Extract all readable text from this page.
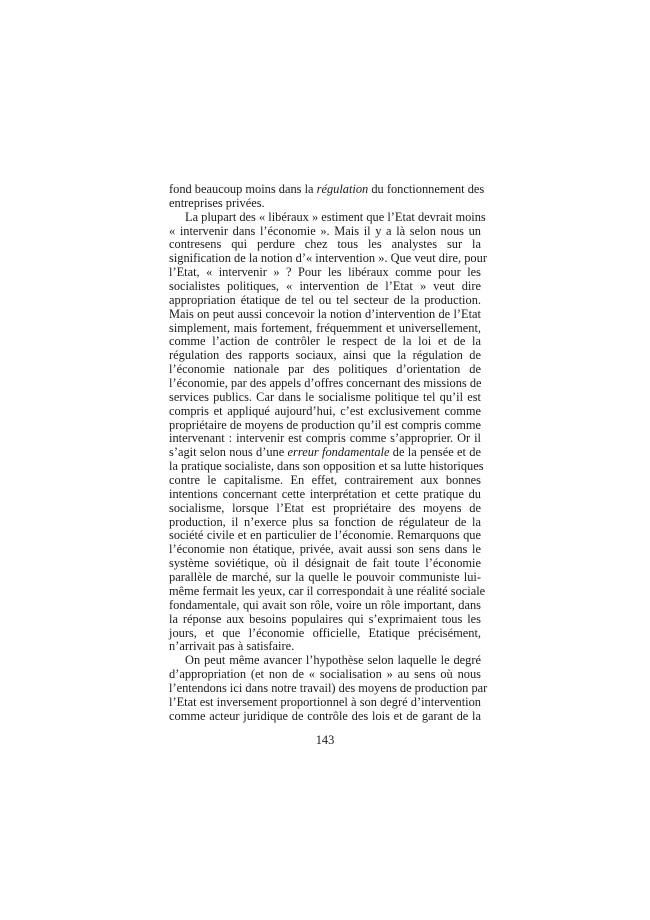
fond beaucoup moins dans la régulation du fonctionnement des
entreprises privées.
La plupart des « libéraux » estiment que l’Etat devrait moins
« intervenir dans l’économie ». Mais il y a là selon nous un
contresens qui perdure chez tous les analystes sur la
signification de la notion d’« intervention ». Que veut dire, pour
l’Etat, « intervenir » ? Pour les libéraux comme pour les
socialistes politiques, « intervention de l’Etat » veut dire
appropriation étatique de tel ou tel secteur de la production.
Mais on peut aussi concevoir la notion d’intervention de l’Etat
simplement, mais fortement, fréquemment et universellement,
comme l’action de contrôler le respect de la loi et de la
régulation des rapports sociaux, ainsi que la régulation de
l’économie nationale par des politiques d’orientation de
l’économie, par des appels d’offres concernant des missions de
services publics. Car dans le socialisme politique tel qu’il est
compris et appliqué aujourd’hui, c’est exclusivement comme
propriétaire de moyens de production qu’il est compris comme
intervenant : intervenir est compris comme s’approprier. Or il
s’agit selon nous d’une erreur fondamentale de la pensée et de
la pratique socialiste, dans son opposition et sa lutte historiques
contre le capitalisme. En effet, contrairement aux bonnes
intentions concernant cette interprétation et cette pratique du
socialisme, lorsque l’Etat est propriétaire des moyens de
production, il n’exerce plus sa fonction de régulateur de la
société civile et en particulier de l’économie. Remarquons que
l’économie non étatique, privée, avait aussi son sens dans le
système soviétique, où il désignait de fait toute l’économie
parallèle de marché, sur la quelle le pouvoir communiste lui-
même fermait les yeux, car il correspondait à une réalité sociale
fondamentale, qui avait son rôle, voire un rôle important, dans
la réponse aux besoins populaires qui s’exprimaient tous les
jours, et que l’économie officielle, Etatique précisément,
n’arrivait pas à satisfaire.
On peut même avancer l’hypothèse selon laquelle le degré
d’appropriation (et non de « socialisation » au sens où nous
l’entendons ici dans notre travail) des moyens de production par
l’Etat est inversement proportionnel à son degré d’intervention
comme acteur juridique de contrôle des lois et de garant de la
143
